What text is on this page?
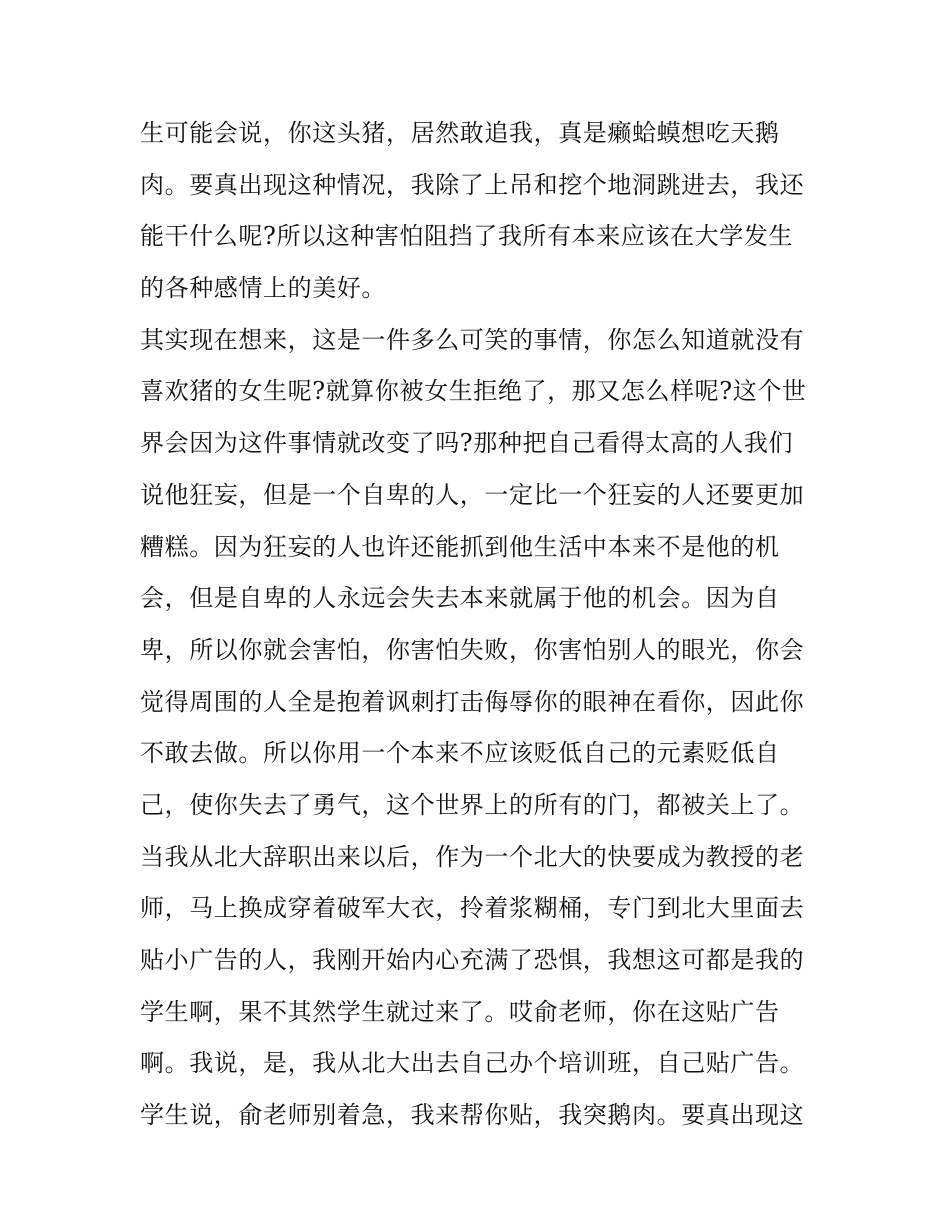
生可能会说，你这头猪，居然敢追我，真是癞蛤蟆想吃天鹅
肉。要真出现这种情况，我除了上吊和挖个地洞跳进去，我还
能干什么呢?所以这种害怕阻挡了我所有本来应该在大学发生
的各种感情上的美好。
其实现在想来，这是一件多么可笑的事情，你怎么知道就没有
喜欢猪的女生呢?就算你被女生拒绝了，那又怎么样呢?这个世
界会因为这件事情就改变了吗?那种把自己看得太高的人我们
说他狂妄，但是一个自卑的人，一定比一个狂妄的人还要更加
糟糕。因为狂妄的人也许还能抓到他生活中本来不是他的机
会，但是自卑的人永远会失去本来就属于他的机会。因为自
卑，所以你就会害怕，你害怕失败，你害怕别人的眼光，你会
觉得周围的人全是抱着讽刺打击侮辱你的眼神在看你，因此你
不敢去做。所以你用一个本来不应该贬低自己的元素贬低自
己，使你失去了勇气，这个世界上的所有的门，都被关上了。
当我从北大辞职出来以后，作为一个北大的快要成为教授的老
师，马上换成穿着破军大衣，拎着浆糊桶，专门到北大里面去
贴小广告的人，我刚开始内心充满了恐惧，我想这可都是我的
学生啊，果不其然学生就过来了。哎俞老师，你在这贴广告
啊。我说，是，我从北大出去自己办个培训班，自己贴广告。
学生说，俞老师别着急，我来帮你贴，我突鹅肉。要真出现这
